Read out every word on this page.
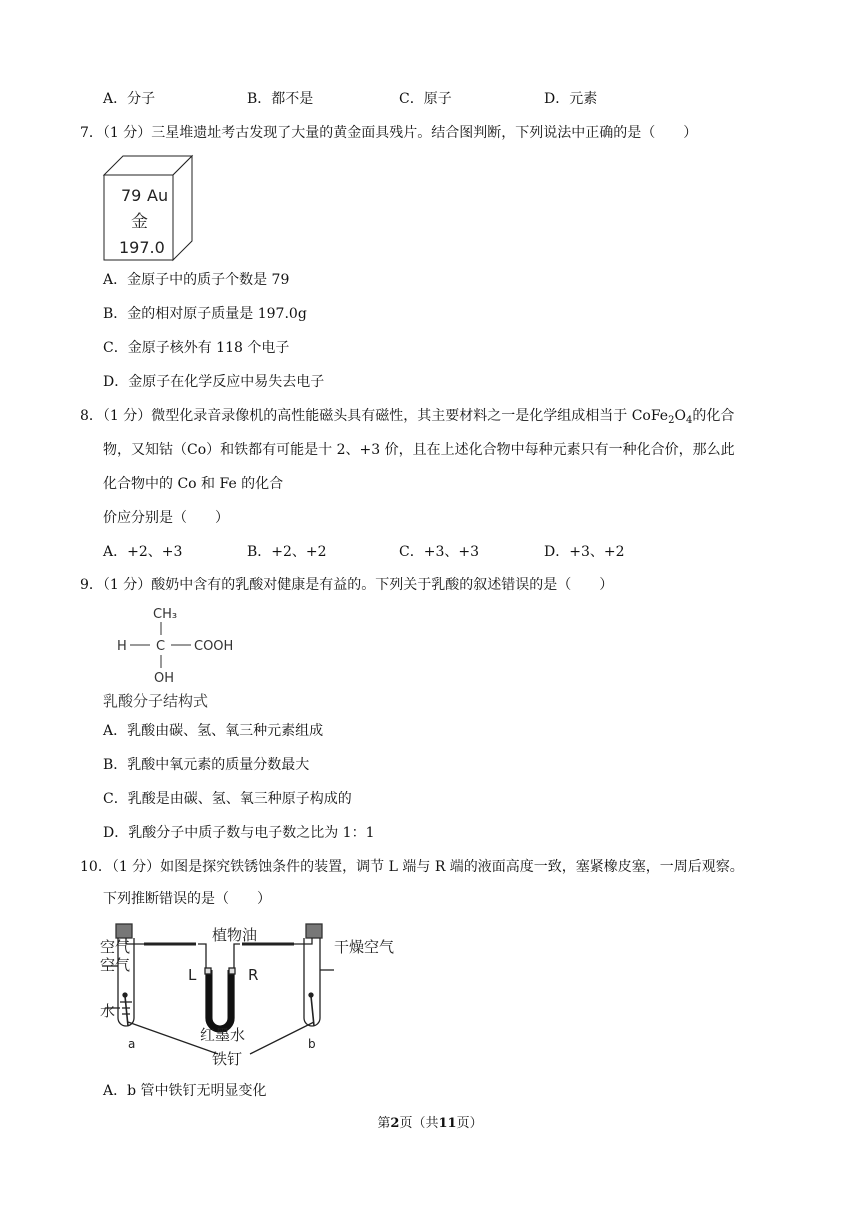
A．分子	B．都不是	C．原子	D．元素
7．（1 分）三星堆遗址考古发现了大量的黄金面具残片。结合图判断，下列说法中正确的是（　　）
79 Au
金
197.0
A．金原子中的质子个数是 79
B．金的相对原子质量是 197.0g
C．金原子核外有 118 个电子
D．金原子在化学反应中易失去电子
8．（1 分）微型化录音录像机的高性能磁头具有磁性，其主要材料之一是化学组成相当于 $CoFe_2O_4$的化合
物，又知钴（Co）和铁都有可能是十 2、+3 价，且在上述化合物中每种元素只有一种化合价，那么此
化合物中的 Co 和 Fe 的化合
价应分别是（　　）
A．+2、+3	B．+2、+2	C．+3、+3	D．+3、+2
9．（1 分）酸奶中含有的乳酸对健康是有益的。下列关于乳酸的叙述错误的是（　　）
CH₃
H C COOH
OH
乳酸分子结构式
A．乳酸由碳、氢、氧三种元素组成
B．乳酸中氧元素的质量分数最大
C．乳酸是由碳、氢、氧三种原子构成的
D．乳酸分子中质子数与电子数之比为 1：1
10．（1 分）如图是探究铁锈蚀条件的装置，调节 L 端与 R 端的液面高度一致，塞紧橡皮塞，一周后观察。
下列推断错误的是（　　）
空气
空气
水
植物油
L	R
红墨水
铁钉
干燥空气
a	b
A．b 管中铁钉无明显变化
第2页（共11页）
